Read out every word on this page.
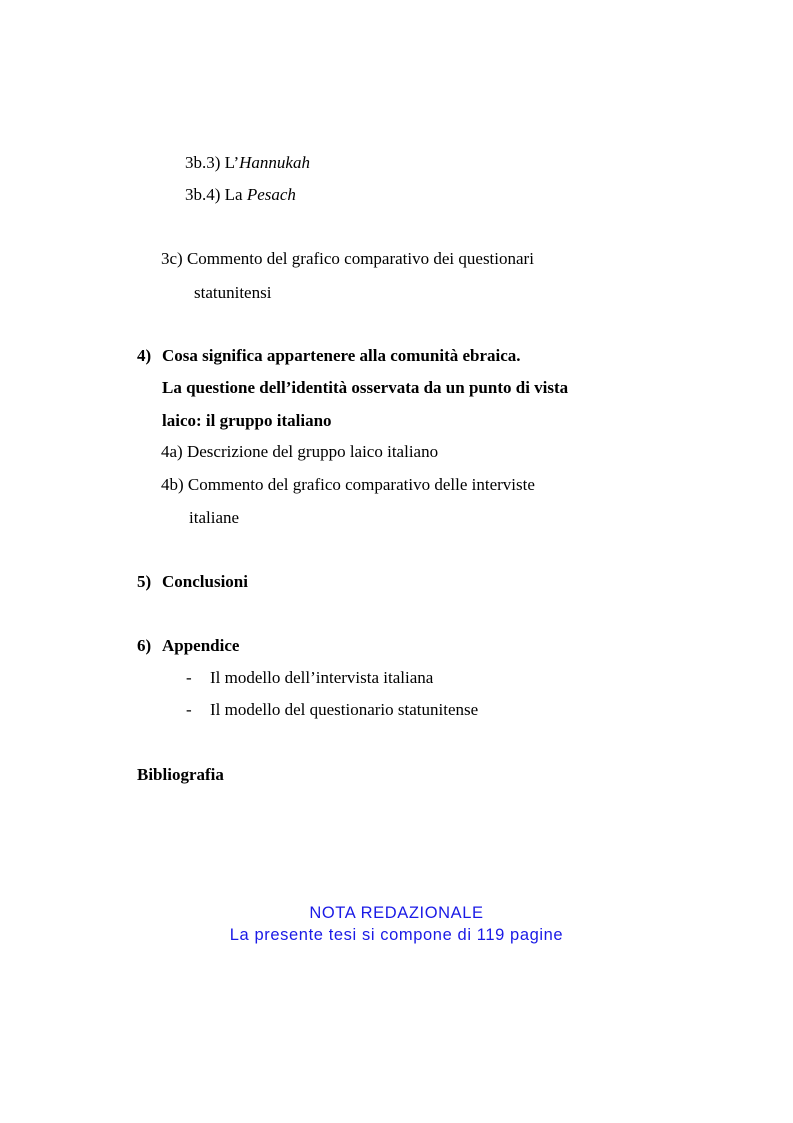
3b.3) L’Hannukah
3b.4) La Pesach
3c) Commento del grafico comparativo dei questionari
statunitensi
4) Cosa significa appartenere alla comunità ebraica.
La questione dell’identità osservata da un punto di vista
laico: il gruppo italiano
4a) Descrizione del gruppo laico italiano
4b) Commento del grafico comparativo delle interviste
italiane
5) Conclusioni
6) Appendice
- Il modello dell’intervista italiana
- Il modello del questionario statunitense
Bibliografia
NOTA REDAZIONALE
La presente tesi si compone di 119 pagine
